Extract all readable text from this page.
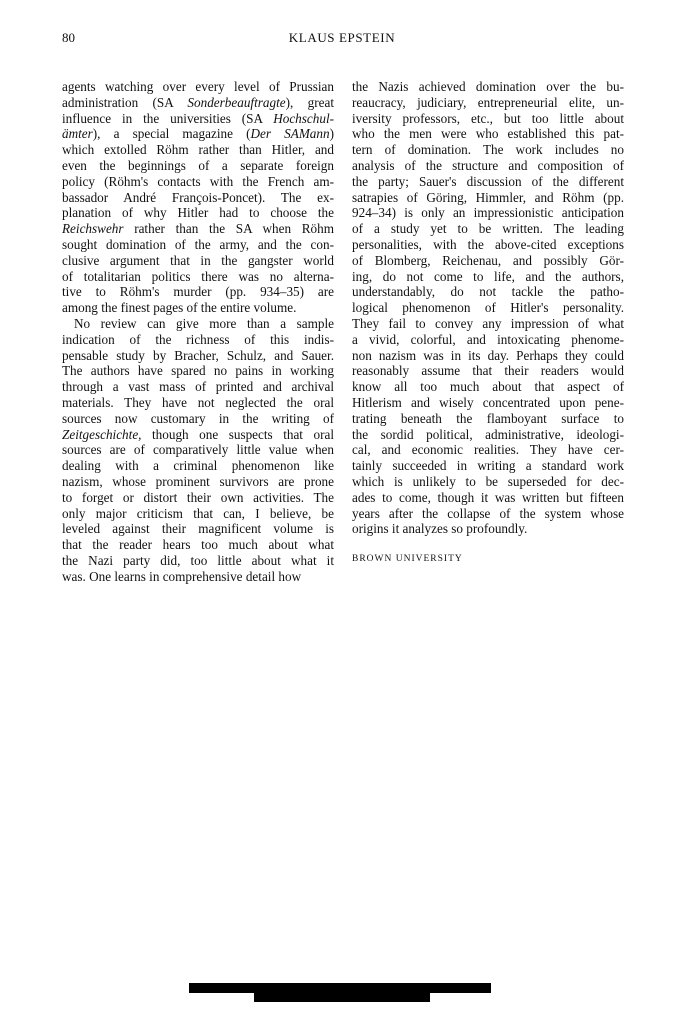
80	KLAUS EPSTEIN
agents watching over every level of Prussian
administration (SA Sonderbeauftragte), great
influence in the universities (SA Hochschul-
ämter), a special magazine (Der SAMann)
which extolled Röhm rather than Hitler, and
even the beginnings of a separate foreign
policy (Röhm's contacts with the French am-
bassador André François-Poncet). The ex-
planation of why Hitler had to choose the
Reichswehr rather than the SA when Röhm
sought domination of the army, and the con-
clusive argument that in the gangster world
of totalitarian politics there was no alterna-
tive to Röhm's murder (pp. 934–35) are
among the finest pages of the entire volume.
No review can give more than a sample
indication of the richness of this indis-
pensable study by Bracher, Schulz, and Sauer.
The authors have spared no pains in working
through a vast mass of printed and archival
materials. They have not neglected the oral
sources now customary in the writing of
Zeitgeschichte, though one suspects that oral
sources are of comparatively little value when
dealing with a criminal phenomenon like
nazism, whose prominent survivors are prone
to forget or distort their own activities. The
only major criticism that can, I believe, be
leveled against their magnificent volume is
that the reader hears too much about what
the Nazi party did, too little about what it
was. One learns in comprehensive detail how
the Nazis achieved domination over the bu-
reaucracy, judiciary, entrepreneurial elite, un-
iversity professors, etc., but too little about
who the men were who established this pat-
tern of domination. The work includes no
analysis of the structure and composition of
the party; Sauer's discussion of the different
satrapies of Göring, Himmler, and Röhm (pp.
924–34) is only an impressionistic anticipation
of a study yet to be written. The leading
personalities, with the above-cited exceptions
of Blomberg, Reichenau, and possibly Gör-
ing, do not come to life, and the authors,
understandably, do not tackle the patho-
logical phenomenon of Hitler's personality.
They fail to convey any impression of what
a vivid, colorful, and intoxicating phenome-
non nazism was in its day. Perhaps they could
reasonably assume that their readers would
know all too much about that aspect of
Hitlerism and wisely concentrated upon pene-
trating beneath the flamboyant surface to
the sordid political, administrative, ideologi-
cal, and economic realities. They have cer-
tainly succeeded in writing a standard work
which is unlikely to be superseded for dec-
ades to come, though it was written but fifteen
years after the collapse of the system whose
origins it analyzes so profoundly.
BROWN UNIVERSITY
